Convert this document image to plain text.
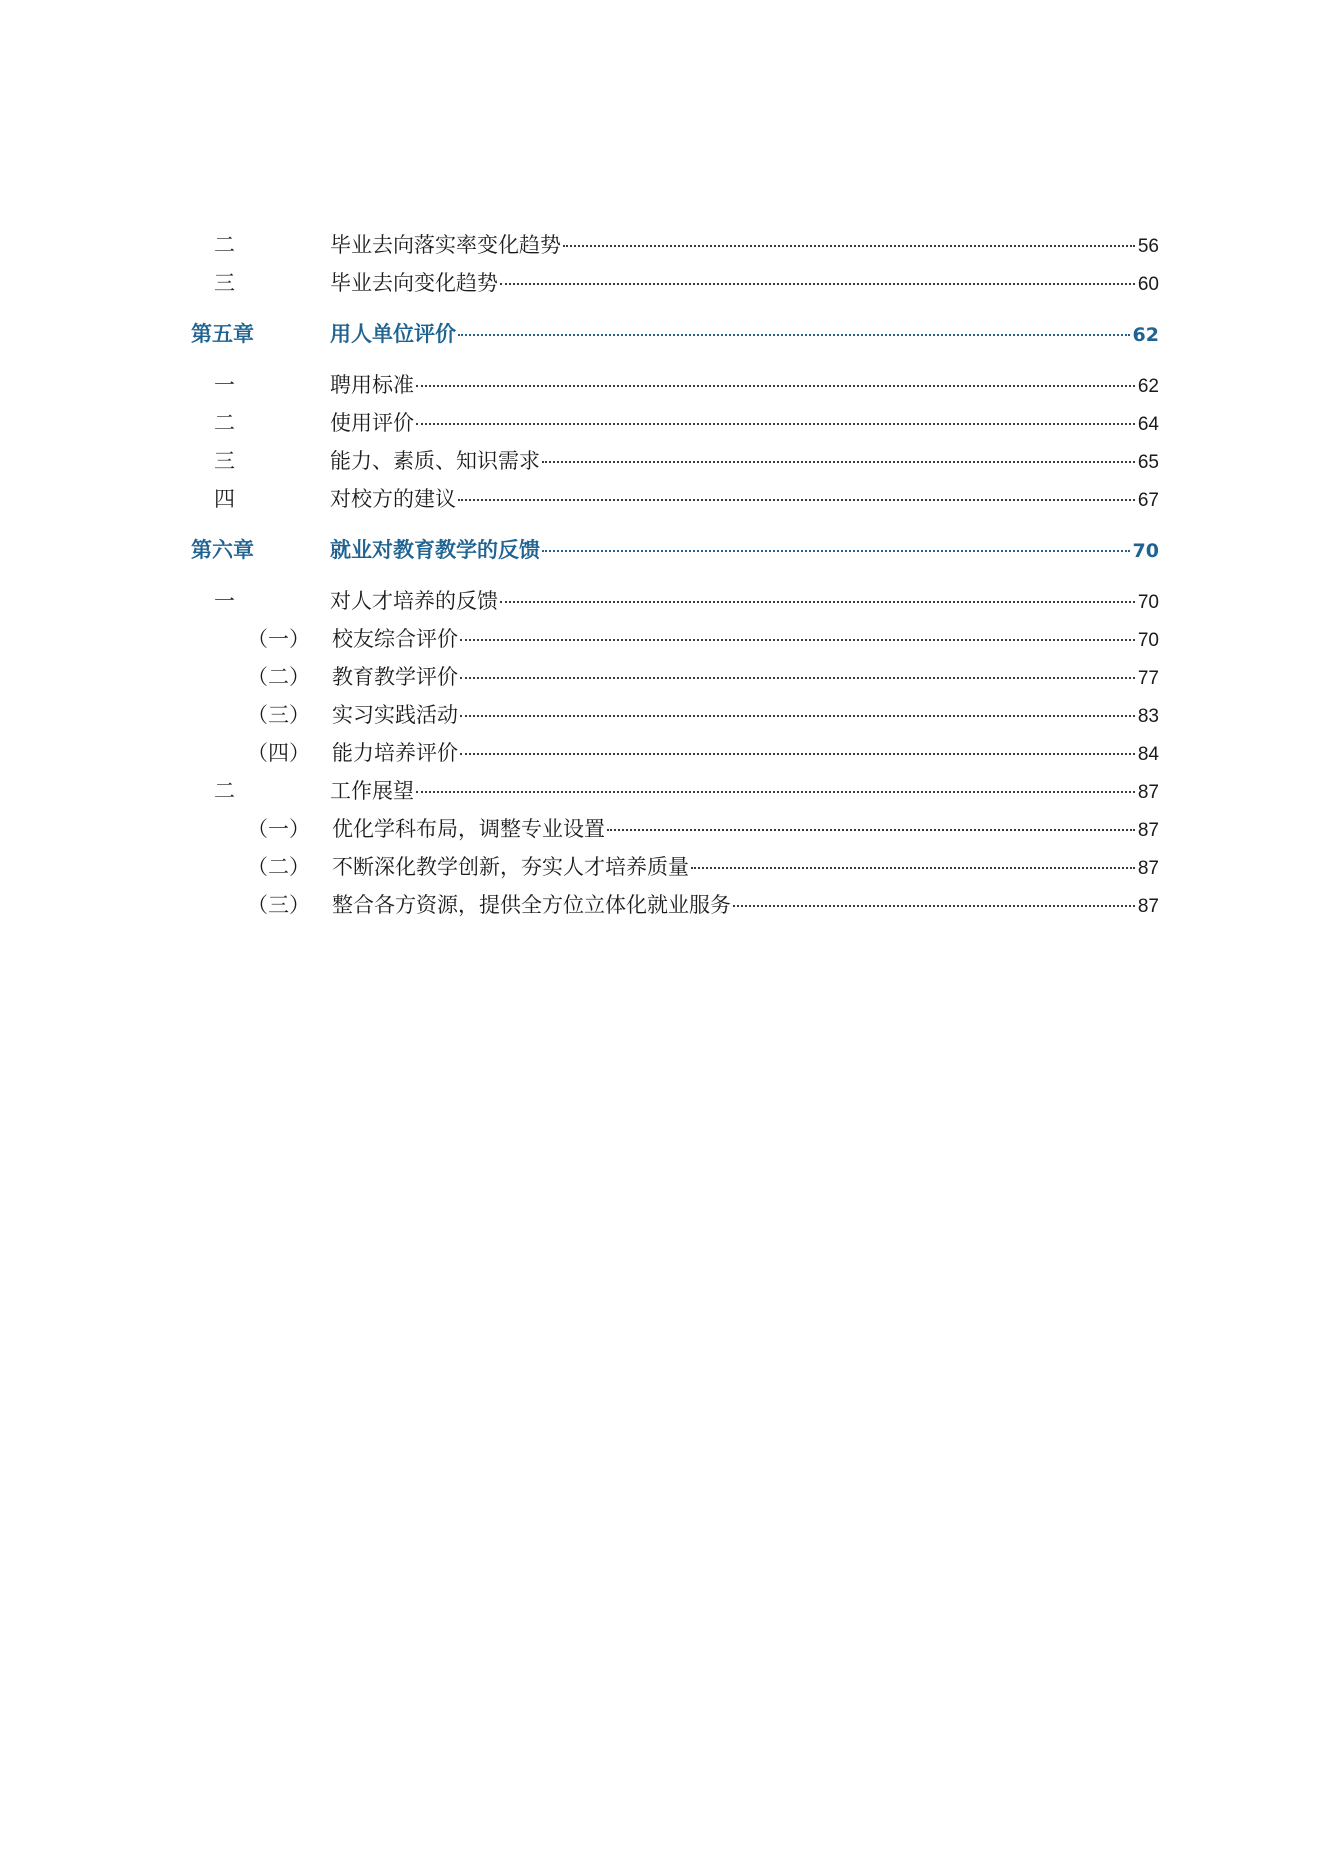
二	毕业去向落实率变化趋势	56
三	毕业去向变化趋势	60
第五章	用人单位评价	62
一	聘用标准	62
二	使用评价	64
三	能力、素质、知识需求	65
四	对校方的建议	67
第六章	就业对教育教学的反馈	70
一	对人才培养的反馈	70
（一） 校友综合评价	70
（二） 教育教学评价	77
（三） 实习实践活动	83
（四） 能力培养评价	84
二	工作展望	87
（一） 优化学科布局，调整专业设置	87
（二） 不断深化教学创新，夯实人才培养质量	87
（三） 整合各方资源，提供全方位立体化就业服务	87
